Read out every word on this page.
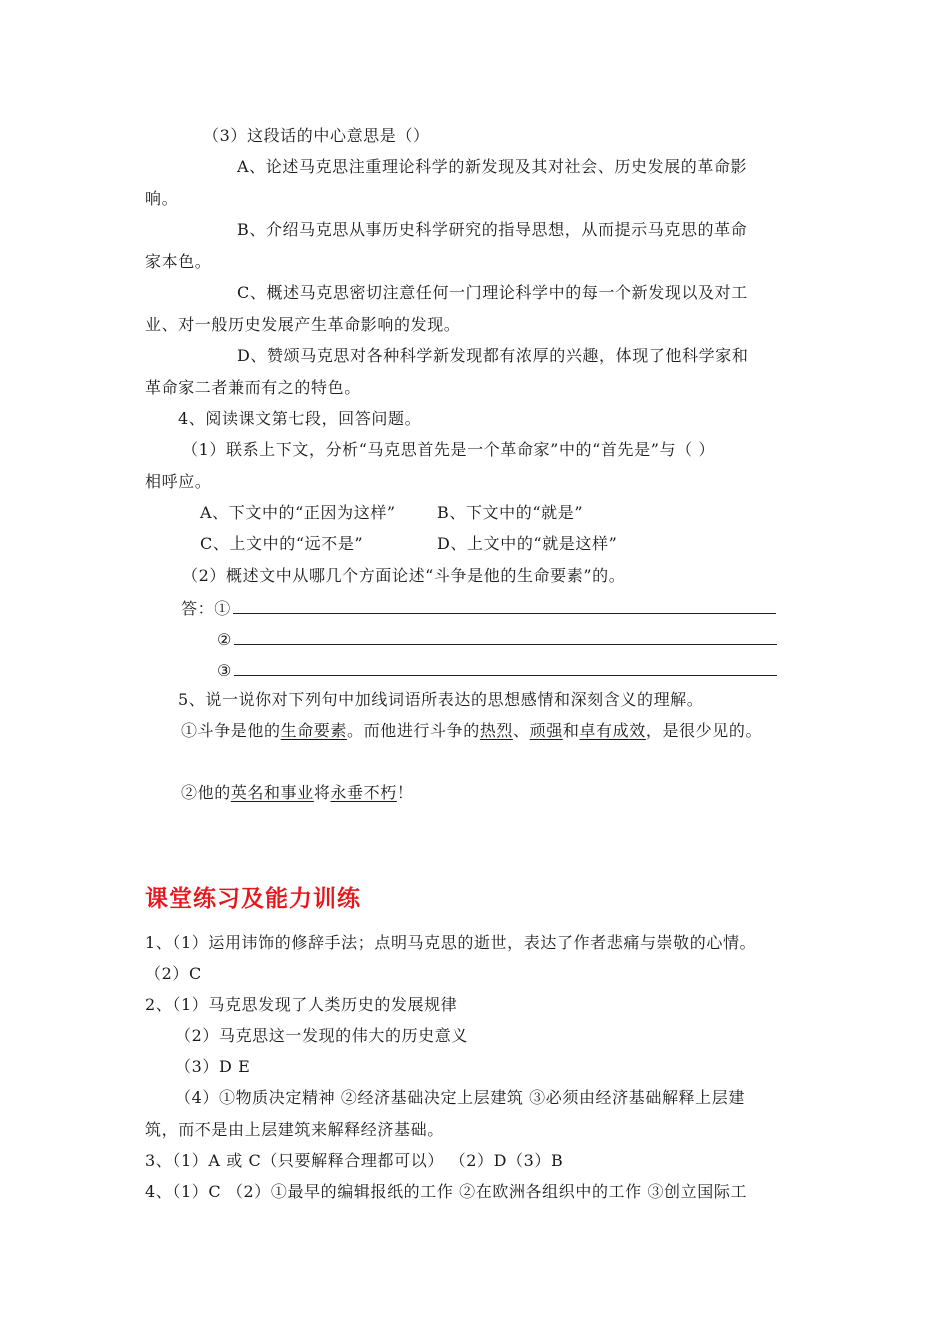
（3）这段话的中心意思是（）
A、论述马克思注重理论科学的新发现及其对社会、历史发展的革命影
响。
B、介绍马克思从事历史科学研究的指导思想，从而提示马克思的革命
家本色。
C、概述马克思密切注意任何一门理论科学中的每一个新发现以及对工
业、对一般历史发展产生革命影响的发现。
D、赞颂马克思对各种科学新发现都有浓厚的兴趣，体现了他科学家和
革命家二者兼而有之的特色。
4、阅读课文第七段，回答问题。
（1）联系上下文，分析“马克思首先是一个革命家”中的“首先是”与（ ）
相呼应。
A、下文中的“正因为这样”	B、下文中的“就是”
C、上文中的“远不是”	D、上文中的“就是这样”
（2）概述文中从哪几个方面论述“斗争是他的生命要素”的。
答：①
②
③
5、说一说你对下列句中加线词语所表达的思想感情和深刻含义的理解。
①斗争是他的生命要素。而他进行斗争的热烈、顽强和卓有成效，是很少见的。
②他的英名和事业将永垂不朽！
课堂练习及能力训练
1、（1）运用讳饰的修辞手法；点明马克思的逝世，表达了作者悲痛与崇敬的心情。
（2）C
2、（1）马克思发现了人类历史的发展规律
（2）马克思这一发现的伟大的历史意义
（3）D E
（4）①物质决定精神 ②经济基础决定上层建筑 ③必须由经济基础解释上层建
筑，而不是由上层建筑来解释经济基础。
3、（1）A 或 C（只要解释合理都可以） （2）D（3）B
4、（1）C （2）①最早的编辑报纸的工作 ②在欧洲各组织中的工作 ③创立国际工
